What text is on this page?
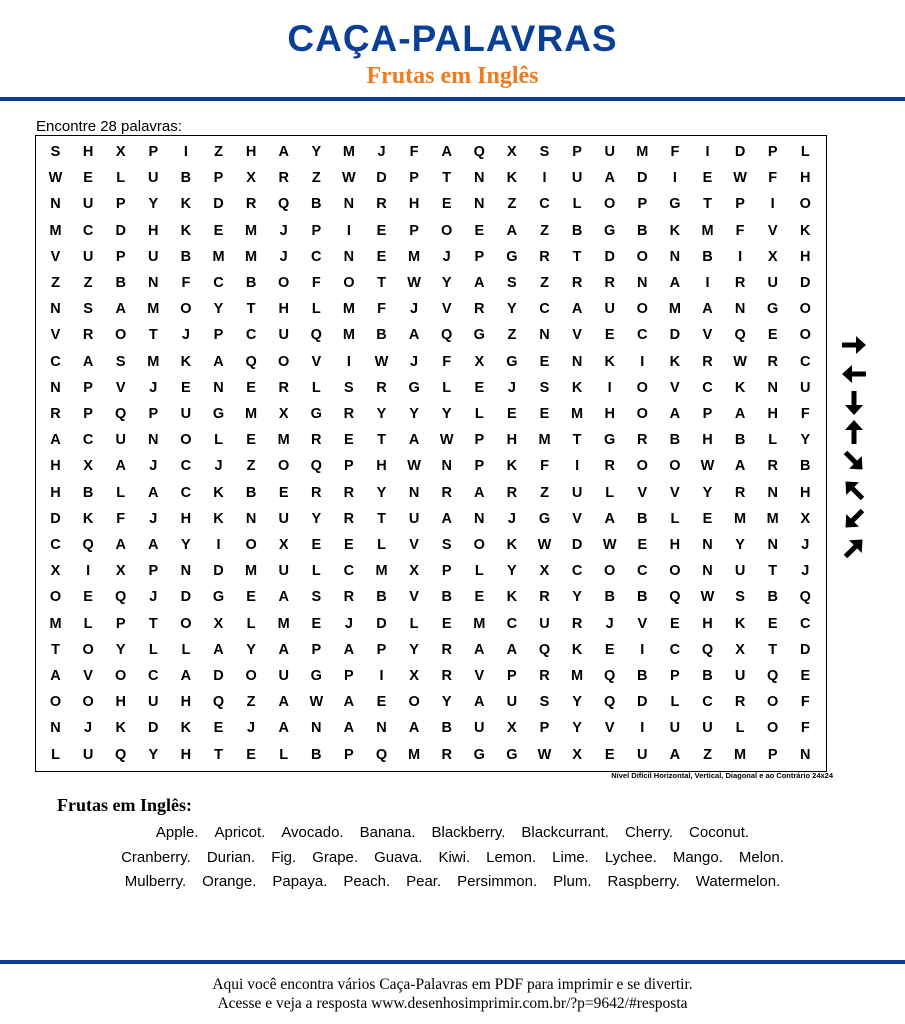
CAÇA-PALAVRAS
Frutas em Inglês
Encontre 28 palavras:
S	H	X	P	I	Z	H	A	Y	M	J	F	A	Q	X	S	P	U	M	F	I	D	P	L
W	E	L	U	B	P	X	R	Z	W	D	P	T	N	K	I	U	A	D	I	E	W	F	H
N	U	P	Y	K	D	R	Q	B	N	R	H	E	N	Z	C	L	O	P	G	T	P	I	O
M	C	D	H	K	E	M	J	P	I	E	P	O	E	A	Z	B	G	B	K	M	F	V	K
V	U	P	U	B	M	M	J	C	N	E	M	J	P	G	R	T	D	O	N	B	I	X	H
Z	Z	B	N	F	C	B	O	F	O	T	W	Y	A	S	Z	R	R	N	A	I	R	U	D
N	S	A	M	O	Y	T	H	L	M	F	J	V	R	Y	C	A	U	O	M	A	N	G	O
V	R	O	T	J	P	C	U	Q	M	B	A	Q	G	Z	N	V	E	C	D	V	Q	E	O
C	A	S	M	K	A	Q	O	V	I	W	J	F	X	G	E	N	K	I	K	R	W	R	C
N	P	V	J	E	N	E	R	L	S	R	G	L	E	J	S	K	I	O	V	C	K	N	U
R	P	Q	P	U	G	M	X	G	R	Y	Y	Y	L	E	E	M	H	O	A	P	A	H	F
A	C	U	N	O	L	E	M	R	E	T	A	W	P	H	M	T	G	R	B	H	B	L	Y
H	X	A	J	C	J	Z	O	Q	P	H	W	N	P	K	F	I	R	O	O	W	A	R	B
H	B	L	A	C	K	B	E	R	R	Y	N	R	A	R	Z	U	L	V	V	Y	R	N	H
D	K	F	J	H	K	N	U	Y	R	T	U	A	N	J	G	V	A	B	L	E	M	M	X
C	Q	A	A	Y	I	O	X	E	E	L	V	S	O	K	W	D	W	E	H	N	Y	N	J
X	I	X	P	N	D	M	U	L	C	M	X	P	L	Y	X	C	O	C	O	N	U	T	J
O	E	Q	J	D	G	E	A	S	R	B	V	B	E	K	R	Y	B	B	Q	W	S	B	Q
M	L	P	T	O	X	L	M	E	J	D	L	E	M	C	U	R	J	V	E	H	K	E	C
T	O	Y	L	L	A	Y	A	P	A	P	Y	R	A	A	Q	K	E	I	C	Q	X	T	D
A	V	O	C	A	D	O	U	G	P	I	X	R	V	P	R	M	Q	B	P	B	U	Q	E
O	O	H	U	H	Q	Z	A	W	A	E	O	Y	A	U	S	Y	Q	D	L	C	R	O	F
N	J	K	D	K	E	J	A	N	A	N	A	B	U	X	P	Y	V	I	U	U	L	O	F
L	U	Q	Y	H	T	E	L	B	P	Q	M	R	G	G	W	X	E	U	A	Z	M	P	N
Nível Difícil Horizontal, Vertical, Diagonal e ao Contrário 24x24
Frutas em Inglês:
Apple. Apricot. Avocado. Banana. Blackberry. Blackcurrant. Cherry. Coconut.
Cranberry. Durian. Fig. Grape. Guava. Kiwi. Lemon. Lime. Lychee. Mango. Melon.
Mulberry. Orange. Papaya. Peach. Pear. Persimmon. Plum. Raspberry. Watermelon.
Aqui você encontra vários Caça-Palavras em PDF para imprimir e se divertir.
Acesse e veja a resposta www.desenhosimprimir.com.br/?p=9642/#resposta
